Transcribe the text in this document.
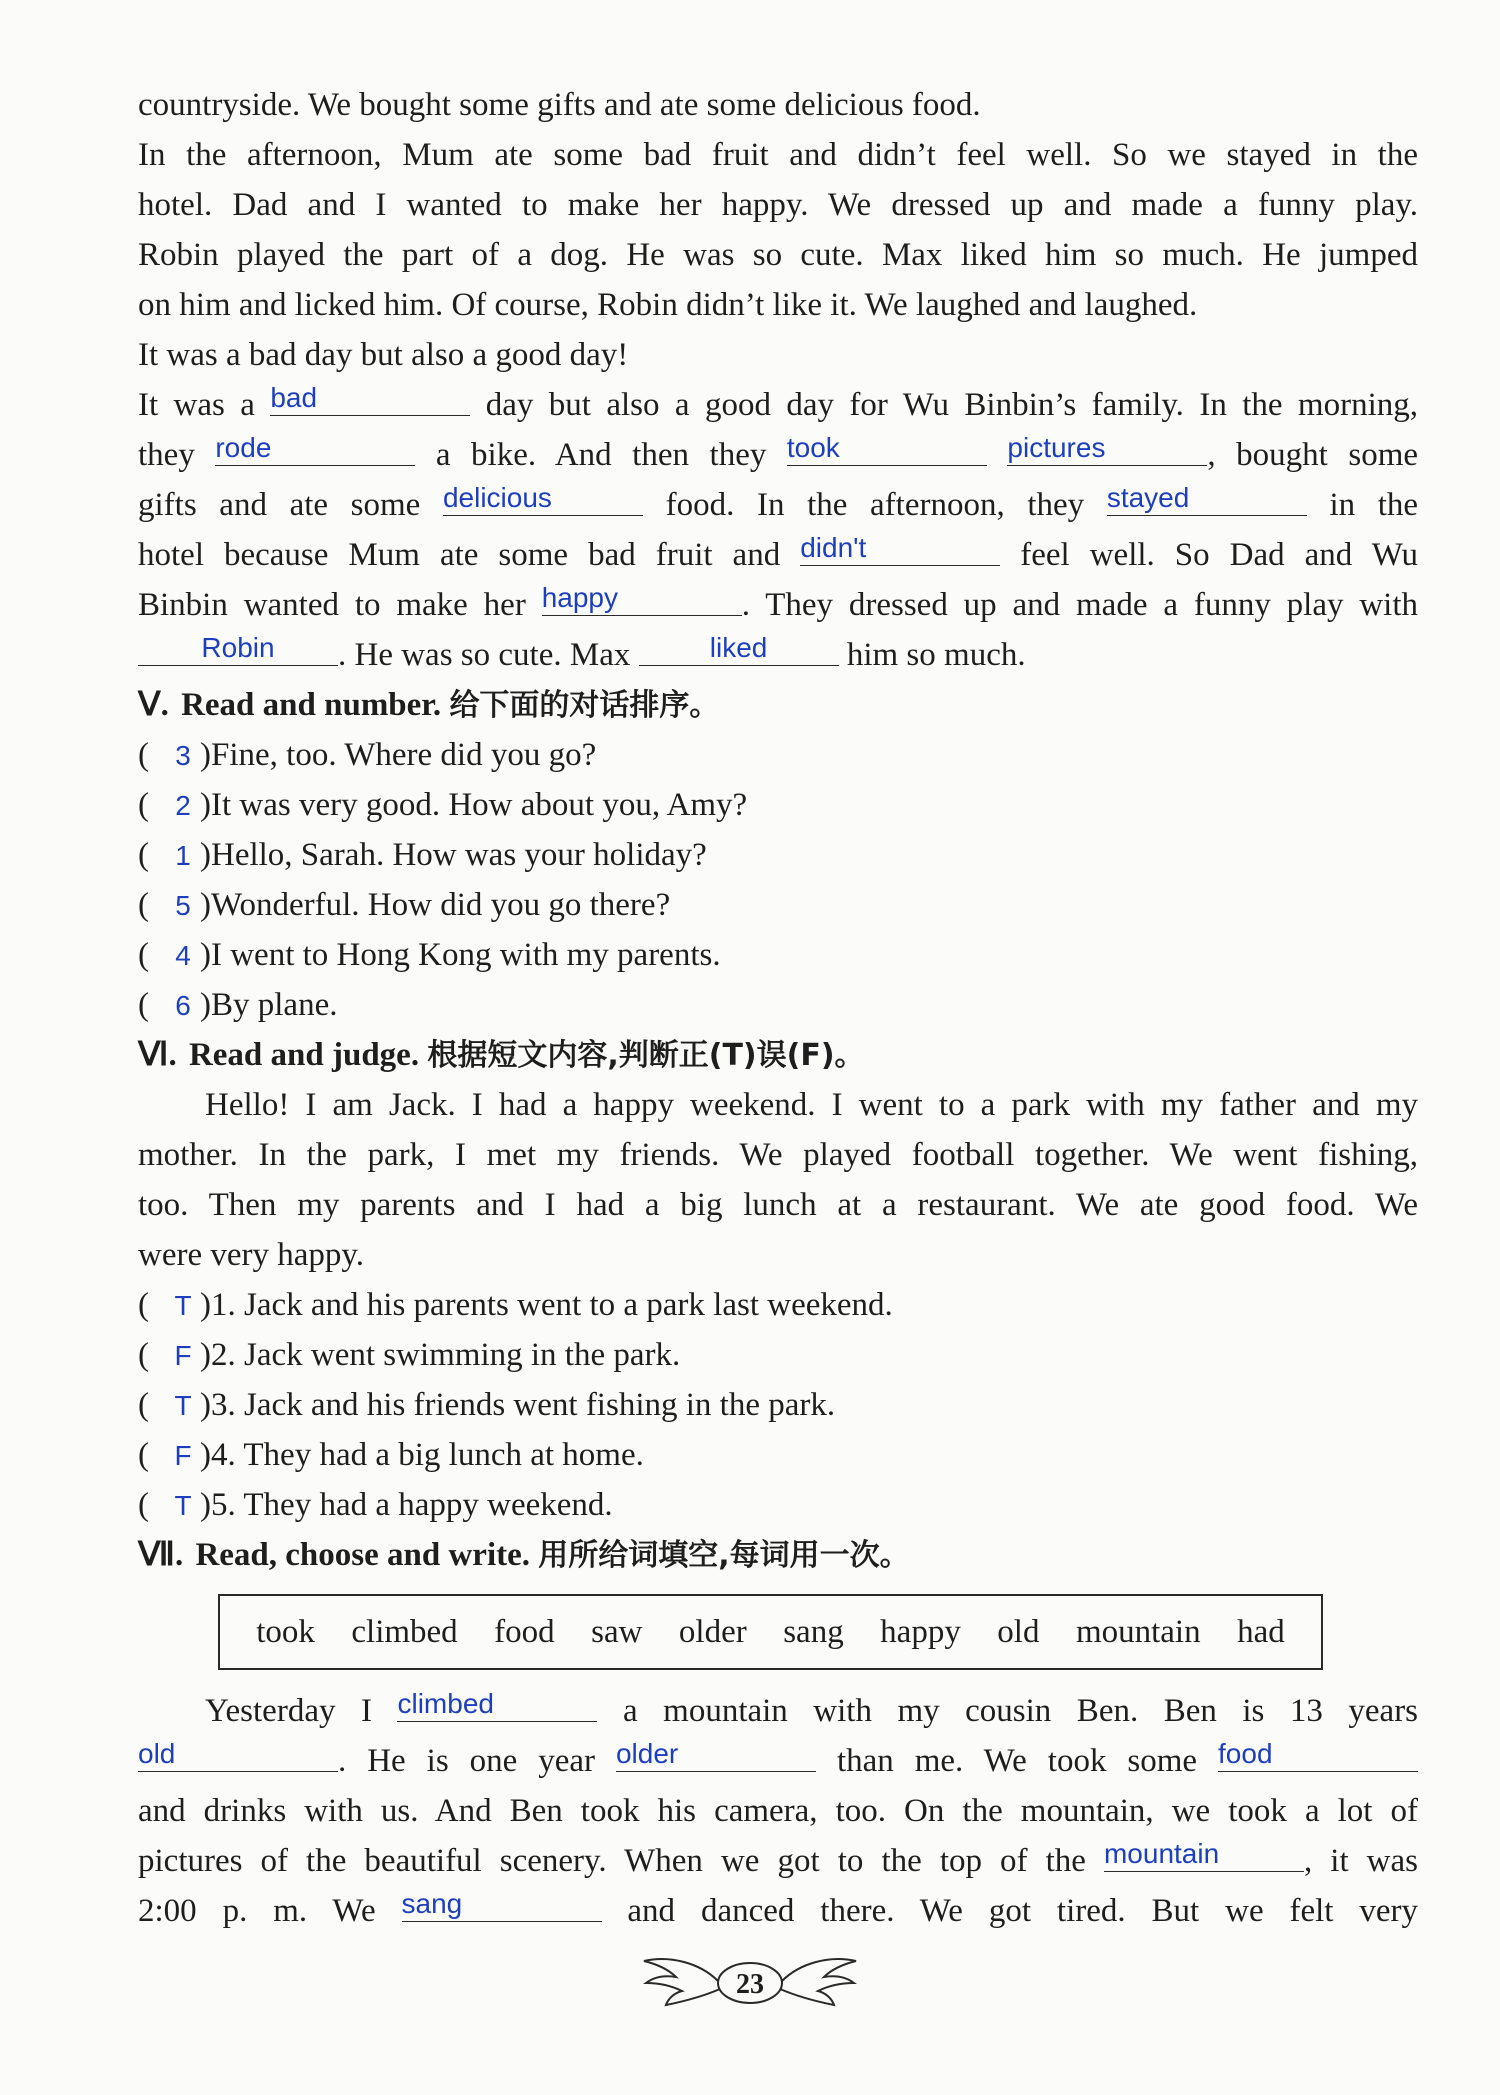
countryside. We bought some gifts and ate some delicious food.
In the afternoon, Mum ate some bad fruit and didn’t feel well. So we stayed in the
hotel. Dad and I wanted to make her happy. We dressed up and made a funny play.
Robin played the part of a dog. He was so cute. Max liked him so much. He jumped
on him and licked him. Of course, Robin didn’t like it. We laughed and laughed.
It was a bad day but also a good day!
It was a bad	day but also a good day for Wu Binbin’s family. In the morning,
they rode	a bike. And then they took	pictures	, bought some
gifts and ate some delicious	food. In the afternoon, they stayed	in the
hotel because Mum ate some bad fruit and didn't	feel well. So Dad and Wu
Binbin wanted to make her happy	. They dressed up and made a funny play with
Robin . He was so cute. Max	liked him so much.
Ⅴ. Read and number. 给下面的对话排序。
( 3 )Fine, too. Where did you go?
( 2 )It was very good. How about you, Amy?
( 1 )Hello, Sarah. How was your holiday?
( 5 )Wonderful. How did you go there?
( 4 )I went to Hong Kong with my parents.
( 6 )By plane.
Ⅵ. Read and judge. 根据短文内容,判断正(T)误(F)。
Hello! I am Jack. I had a happy weekend. I went to a park with my father and my
mother. In the park, I met my friends. We played football together. We went fishing,
too. Then my parents and I had a big lunch at a restaurant. We ate good food. We
were very happy.
( T )1. Jack and his parents went to a park last weekend.
( F )2. Jack went swimming in the park.
( T )3. Jack and his friends went fishing in the park.
( F )4. They had a big lunch at home.
( T )5. They had a happy weekend.
Ⅶ. Read, choose and write. 用所给词填空,每词用一次。
took climbed food saw older sang happy old mountain had
Yesterday I climbed	a mountain with my cousin Ben. Ben is 13 years
old	. He is one year older	than me. We took some food
and drinks with us. And Ben took his camera, too. On the mountain, we took a lot of
pictures of the beautiful scenery. When we got to the top of the mountain	, it was
2:00 p. m. We sang	and danced there. We got tired. But we felt very
23
